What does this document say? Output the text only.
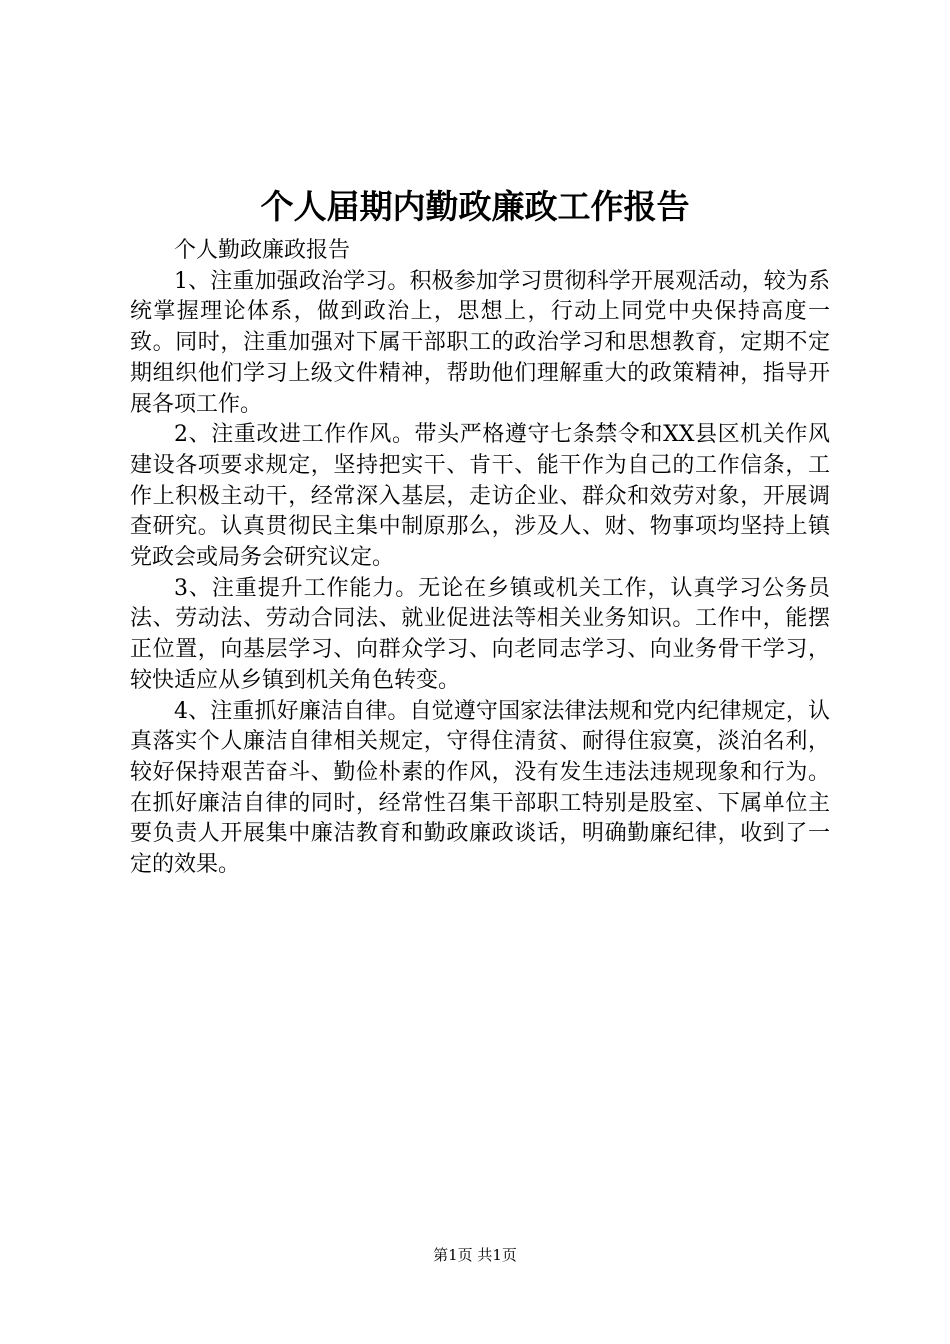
个人届期内勤政廉政工作报告

个人勤政廉政报告

1、注重加强政治学习。积极参加学习贯彻科学开展观活动，较为系统掌握理论体系，做到政治上，思想上，行动上同党中央保持高度一致。同时，注重加强对下属干部职工的政治学习和思想教育，定期不定期组织他们学习上级文件精神，帮助他们理解重大的政策精神，指导开展各项工作。

2、注重改进工作作风。带头严格遵守七条禁令和XX县区机关作风建设各项要求规定，坚持把实干、肯干、能干作为自己的工作信条，工作上积极主动干，经常深入基层，走访企业、群众和效劳对象，开展调查研究。认真贯彻民主集中制原那么，涉及人、财、物事项均坚持上镇党政会或局务会研究议定。

3、注重提升工作能力。无论在乡镇或机关工作，认真学习公务员法、劳动法、劳动合同法、就业促进法等相关业务知识。工作中，能摆正位置，向基层学习、向群众学习、向老同志学习、向业务骨干学习，较快适应从乡镇到机关角色转变。

4、注重抓好廉洁自律。自觉遵守国家法律法规和党内纪律规定，认真落实个人廉洁自律相关规定，守得住清贫、耐得住寂寞，淡泊名利，较好保持艰苦奋斗、勤俭朴素的作风，没有发生违法违规现象和行为。在抓好廉洁自律的同时，经常性召集干部职工特别是股室、下属单位主要负责人开展集中廉洁教育和勤政廉政谈话，明确勤廉纪律，收到了一定的效果。

第1页 共1页
